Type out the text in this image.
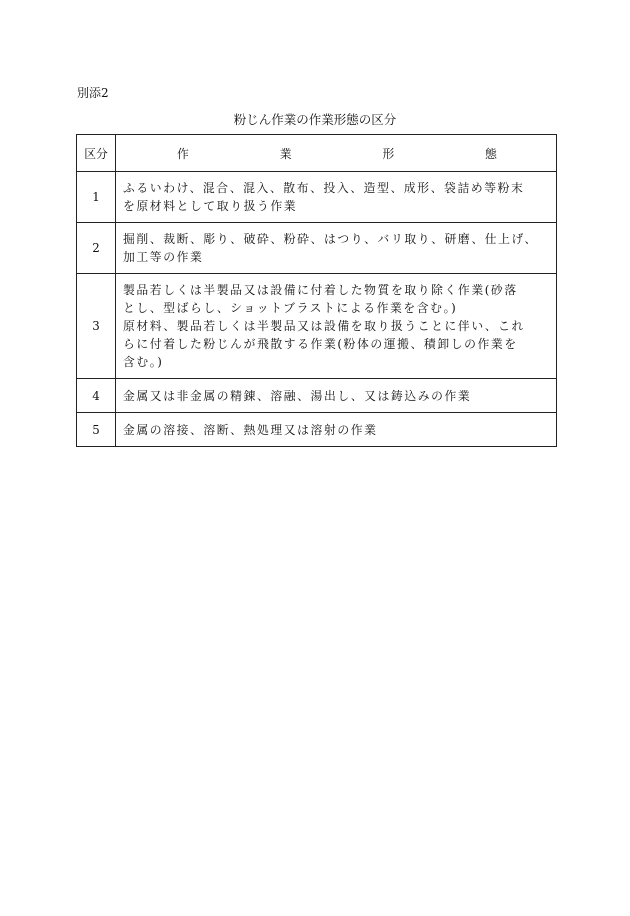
別添2
粉じん作業の作業形態の区分
区分	作 業 形 態

1	ふるいわけ、混合、混入、散布、投入、造型、成形、袋詰め等粉末
を原材料として取り扱う作業

2	掘削、裁断、彫り、破砕、粉砕、はつり、バリ取り、研磨、仕上げ、
加工等の作業

3	製品若しくは半製品又は設備に付着した物質を取り除く作業(砂落
とし、型ばらし、ショットブラストによる作業を含む。)
原材料、製品若しくは半製品又は設備を取り扱うことに伴い、これ
らに付着した粉じんが飛散する作業(粉体の運搬、積卸しの作業を
含む。)

4	金属又は非金属の精錬、溶融、湯出し、又は鋳込みの作業

5	金属の溶接、溶断、熱処理又は溶射の作業
